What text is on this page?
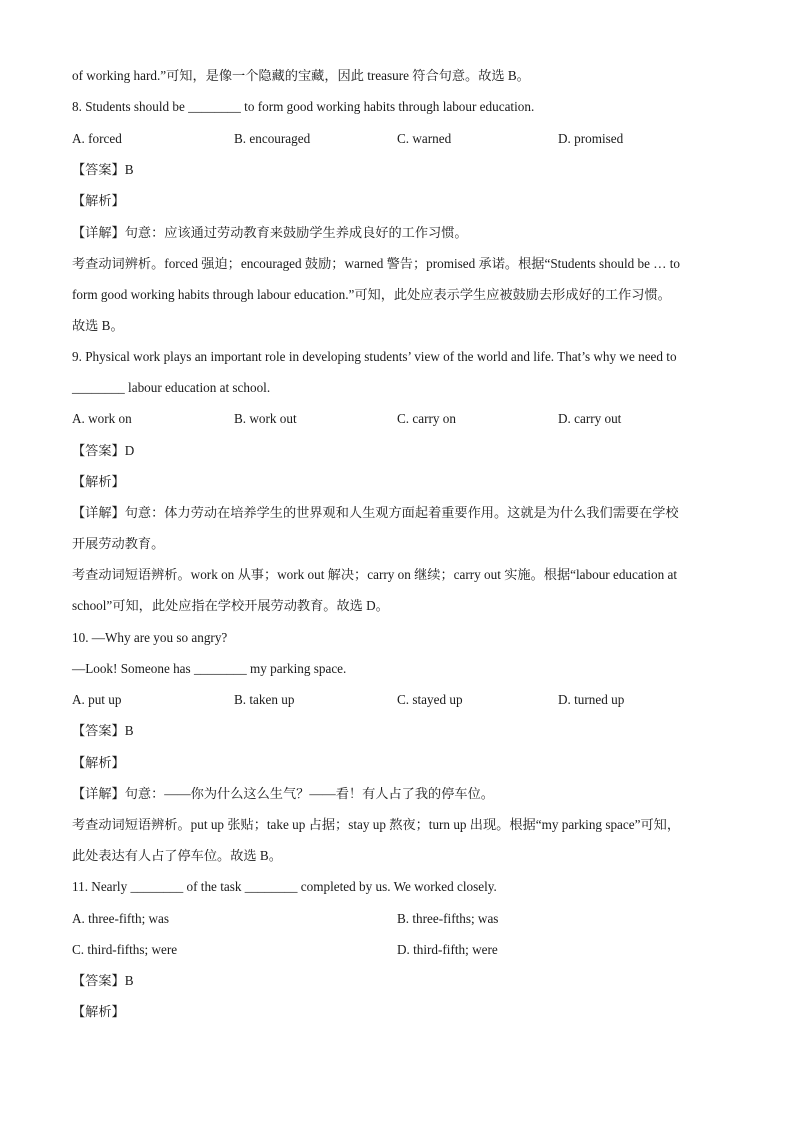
of working hard.”可知，是像一个隐藏的宝藏，因此 treasure 符合句意。故选 B。
8. Students should be ________ to form good working habits through labour education.
A. forced	B. encouraged	C. warned	D. promised
【答案】B
【解析】
【详解】句意：应该通过劳动教育来鼓励学生养成良好的工作习惯。
考查动词辨析。forced 强迫；encouraged 鼓励；warned 警告；promised 承诺。根据“Students should be … to
form good working habits through labour education.”可知，此处应表示学生应被鼓励去形成好的工作习惯。
故选 B。
9. Physical work plays an important role in developing students’ view of the world and life. That’s why we need to
________ labour education at school.
A. work on	B. work out	C. carry on	D. carry out
【答案】D
【解析】
【详解】句意：体力劳动在培养学生的世界观和人生观方面起着重要作用。这就是为什么我们需要在学校
开展劳动教育。
考查动词短语辨析。work on 从事；work out 解决；carry on 继续；carry out 实施。根据“labour education at
school”可知，此处应指在学校开展劳动教育。故选 D。
10. —Why are you so angry?
—Look! Someone has ________ my parking space.
A. put up	B. taken up	C. stayed up	D. turned up
【答案】B
【解析】
【详解】句意：——你为什么这么生气？——看！有人占了我的停车位。
考查动词短语辨析。put up 张贴；take up 占据；stay up 熬夜；turn up 出现。根据“my parking space”可知，
此处表达有人占了停车位。故选 B。
11. Nearly ________ of the task ________ completed by us. We worked closely.
A. three-fifth; was	B. three-fifths; was
C. third-fifths; were	D. third-fifth; were
【答案】B
【解析】
